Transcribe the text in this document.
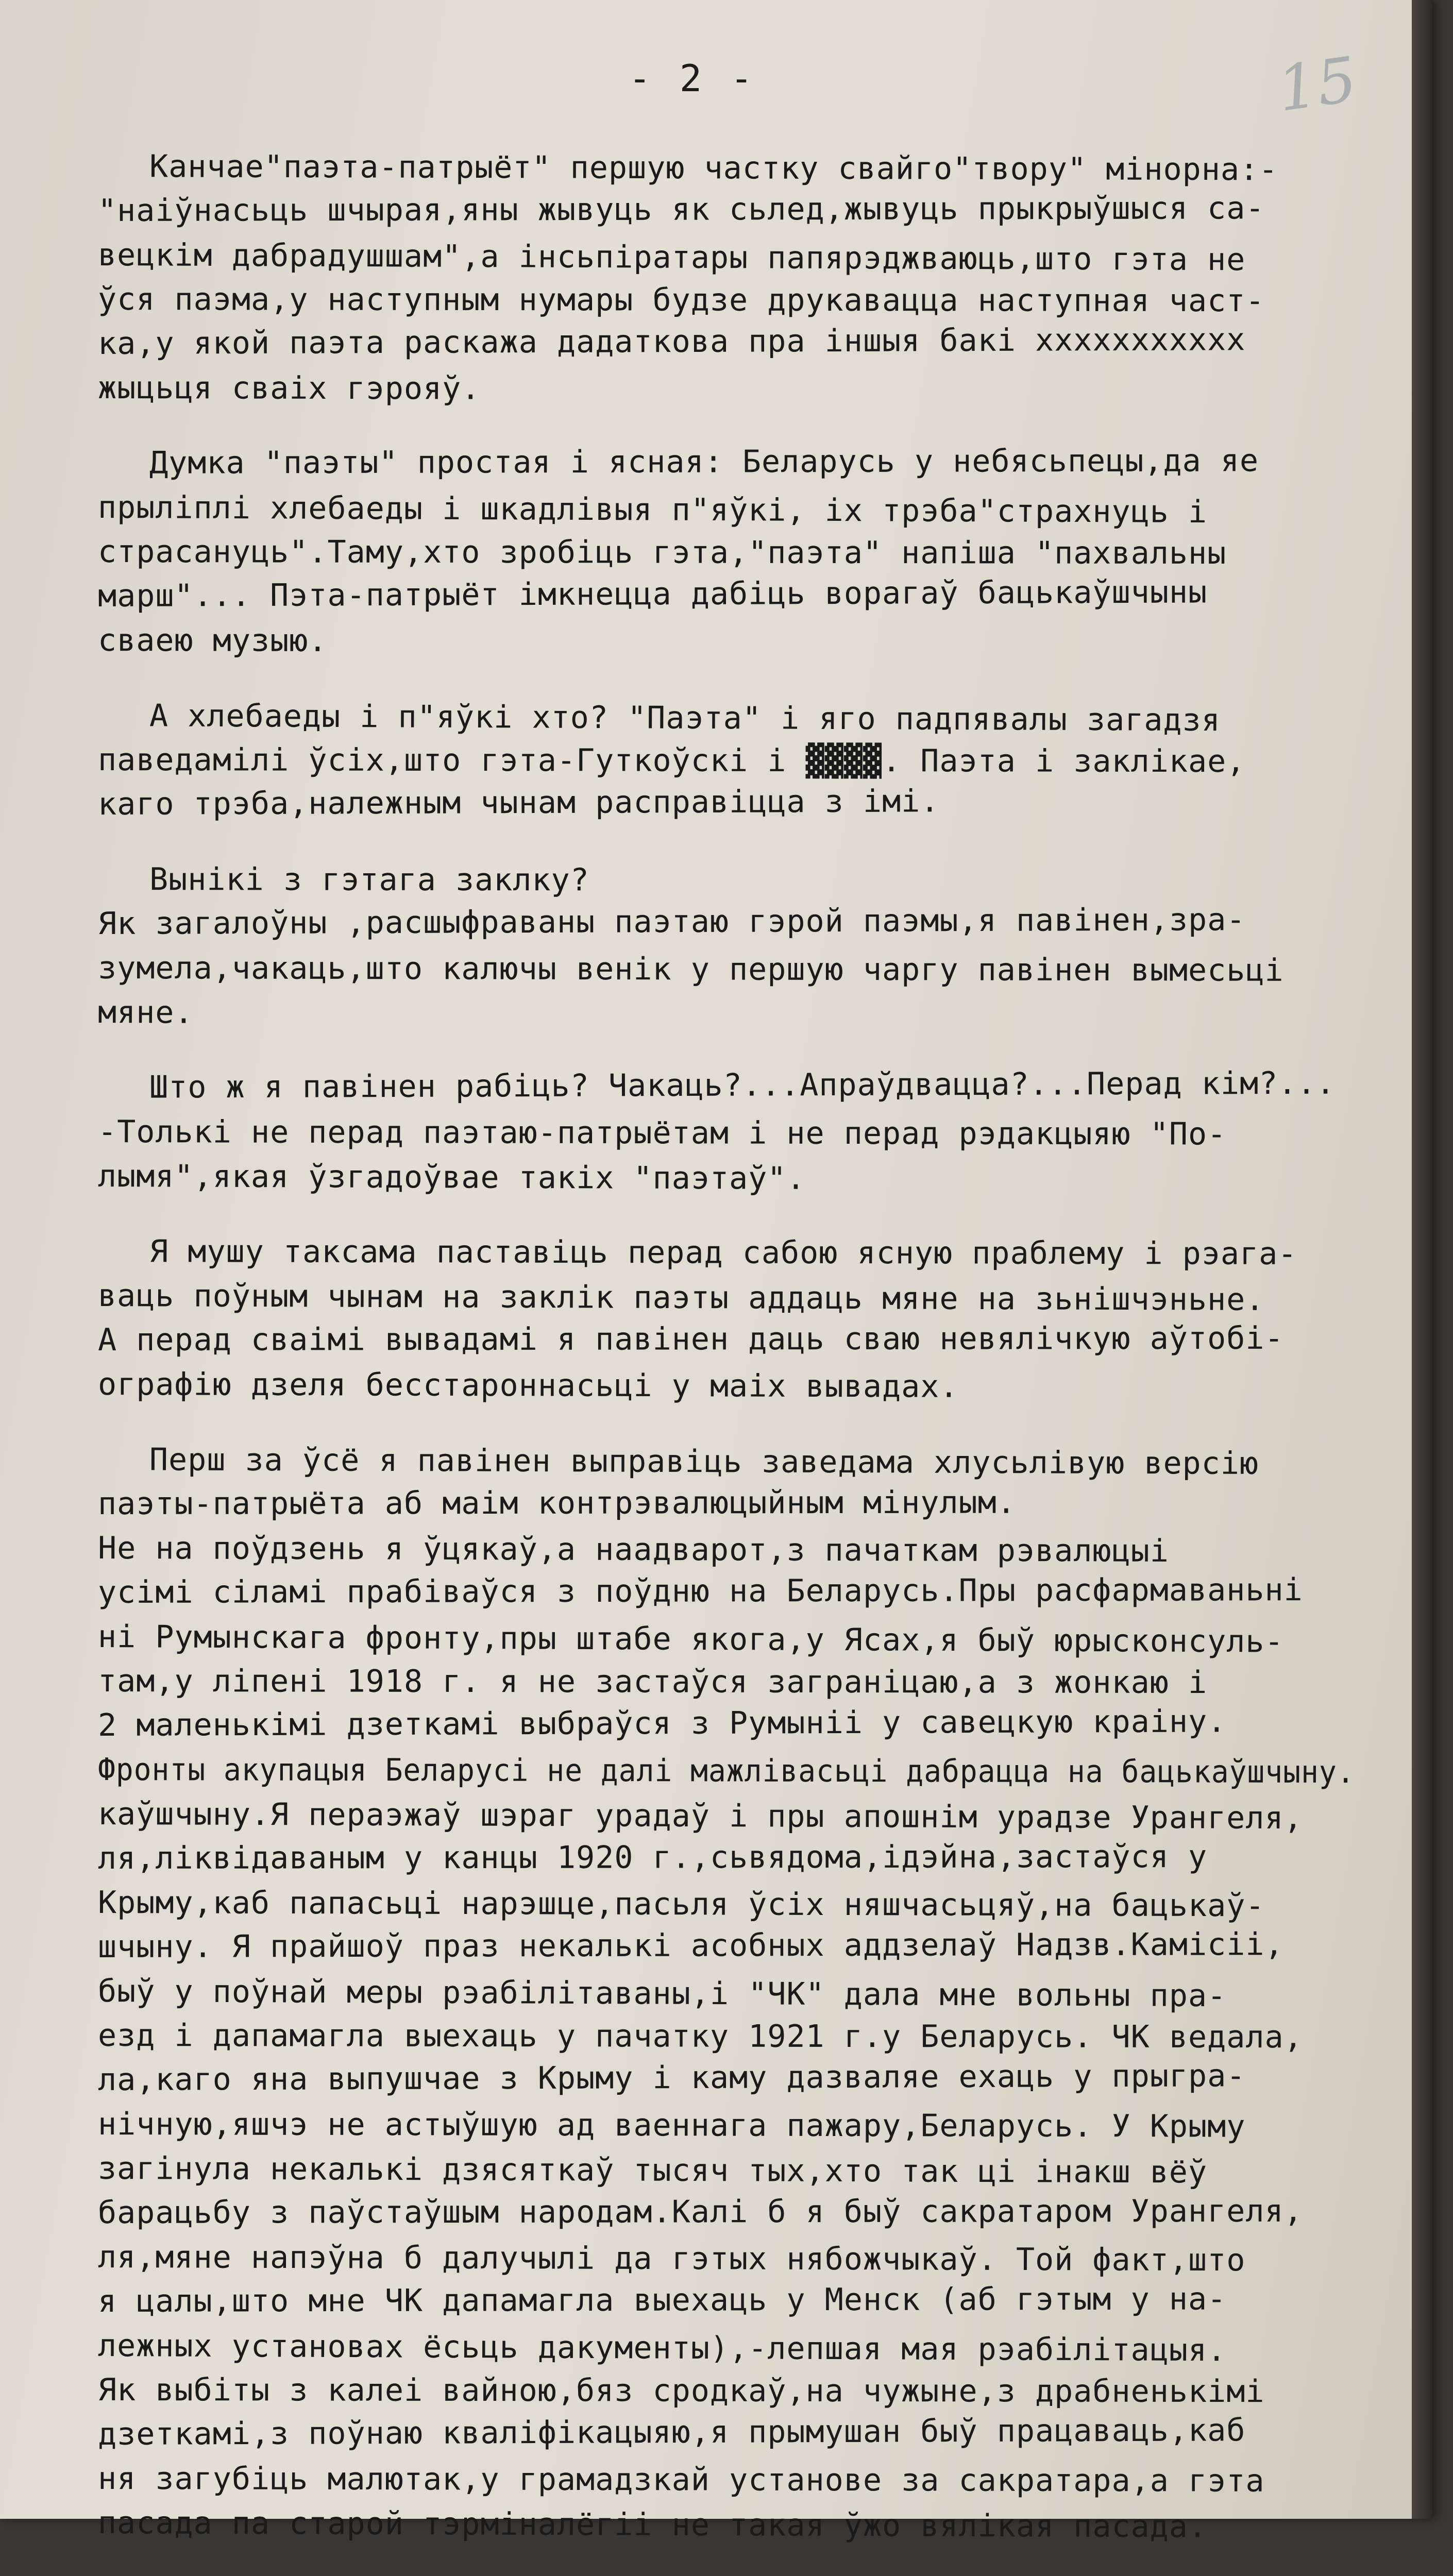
- 2 -	15
Канчае"паэта-патрыёт" першую частку свайго"твору" мінорна:-
"наіўнасьць шчырая,яны жывуць як сьлед,жывуць прыкрыўшыся са-
вецкім дабрадушшам",а інсьпіратары папярэджваюць,што гэта не
ўся паэма,у наступным нумары будзе друкавацца наступная част-
ка,у якой паэта раскажа дадаткова пра іншыя бакі ххххххххххх
жыцьця сваіх гэрояў.
Думка "паэты" простая і ясная: Беларусь у небясьпецы,да яе
прыліплі хлебаеды і шкадлівыя п"яўкі, іх трэба"страхнуць і
страсануць".Таму,хто зробіць гэта,"паэта" напіша "пахвальны
марш"... Пэта-патрыёт імкнецца дабіць ворагаў бацькаўшчыны
сваею музыю.
А хлебаеды і п"яўкі хто? "Паэта" і яго падпявалы загадзя
паведамілі ўсіх,што гэта-Гуткоўскі і ▓▓▓▓. Паэта і заклікае,
каго трэба,належным чынам расправіцца з імі.
Вынікі з гэтага заклку?
Як загалоўны ,расшыфраваны паэтаю гэрой паэмы,я павінен,зра-
зумела,чакаць,што калючы венік у першую чаргу павінен вымесьці
мяне.
Што ж я павінен рабіць? Чакаць?...Апраўдвацца?...Перад кім?...
-Толькі не перад паэтаю-патрыётам і не перад рэдакцыяю "По-
лымя",якая ўзгадоўвае такіх "паэтаў".
Я мушу таксама паставіць перад сабою ясную праблему і рэага-
ваць поўным чынам на заклік паэты аддаць мяне на зьнішчэньне.
А перад сваімі вывадамі я павінен даць сваю невялічкую аўтобі-
ографію дзеля бесстароннасьці у маіх вывадах.
Перш за ўсё я павінен выправіць заведама хлусьлівую версію
паэты-патрыёта аб маім контрэвалюцыйным мінулым.
Не на поўдзень я ўцякаў,а наадварот,з пачаткам рэвалюцыі
усімі сіламі прабіваўся з поўдню на Беларусь.Пры расфармаваньні
ні Румынскага фронту,пры штабе якога,у Ясах,я быў юрысконсуль-
там,у ліпені 1918 г. я не застаўся заграніцаю,а з жонкаю і
2 маленькімі дзеткамі выбраўся з Румыніі у савецкую краіну.
Фронты акупацыя Беларусі не далі мажлівасьці дабрацца на бацькаўшчыну.
каўшчыну.Я пераэжаў шэраг урадаў і пры апошнім урадзе Урангеля,
ля,ліквідаваным у канцы 1920 г.,сьвядома,ідэйна,застаўся у
Крыму,каб папасьці нарэшце,пасьля ўсіх няшчасьцяў,на бацькаў-
шчыну. Я прайшоў праз некалькі асобных аддзелаў Надзв.Камісіі,
быў у поўнай меры рэабілітаваны,і "ЧК" дала мне вольны пра-
езд і дапамагла выехаць у пачатку 1921 г.у Беларусь. ЧК ведала,
ла,каго яна выпушчае з Крыму і каму дазваляе ехаць у прыгра-
нічную,яшчэ не астыўшую ад ваеннага пажару,Беларусь. У Крыму
загінула некалькі дзясяткаў тысяч тых,хто так ці інакш вёў
барацьбу з паўстаўшым народам.Калі б я быў сакратаром Урангеля,
ля,мяне напэўна б далучылі да гэтых нябожчыкаў. Той факт,што
я цалы,што мне ЧК дапамагла выехаць у Менск (аб гэтым у на-
лежных установах ёсьць дакументы),-лепшая мая рэабілітацыя.
Як выбіты з калеі вайною,бяз сродкаў,на чужыне,з драбненькімі
дзеткамі,з поўнаю кваліфікацыяю,я прымушан быў працаваць,каб
ня загубіць малютак,у грамадзкай установе за сакратара,а гэта
пасада па старой тэрміналёгіі не такая ўжо вялікая пасада.
